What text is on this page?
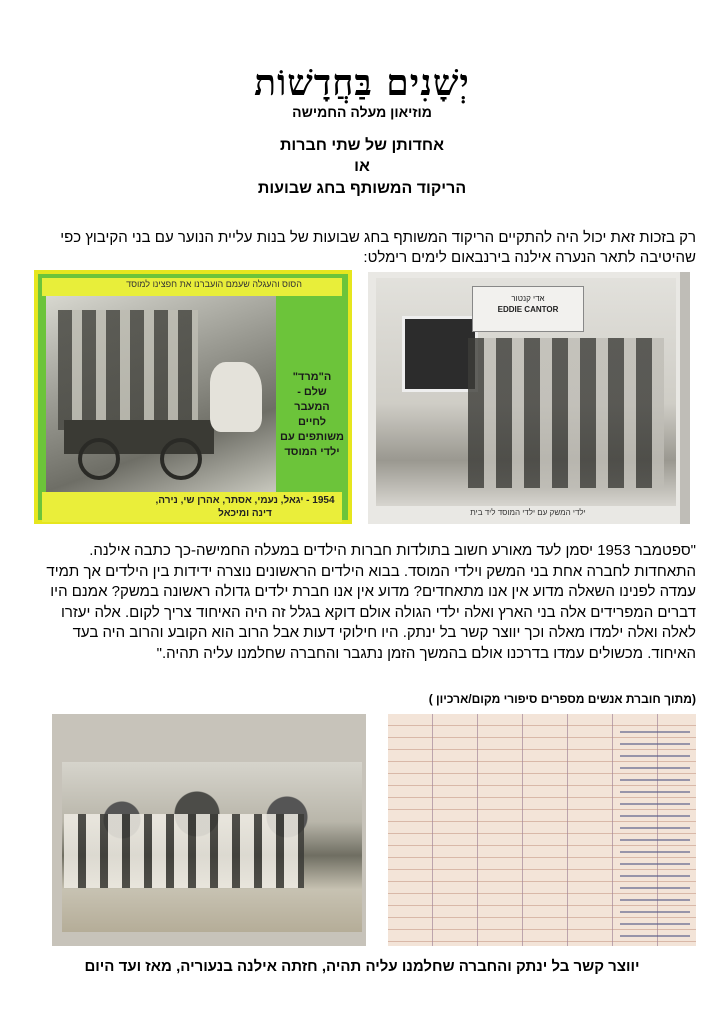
יְשָׁנִים בַּחֲדָשׁוֹת
מוזיאון מעלה החמישה
אחדותן של שתי חברות
או
הריקוד המשותף בחג שבועות
רק בזכות זאת יכול היה להתקיים הריקוד המשותף בחג שבועות של בנות עליית הנוער עם בני הקיבוץ כפי שהיטיבה לתאר הנערה אילנה בירנבאום לימים רימלט:
הסוס והעגלה שעמם הועברנו את חפצינו למוסד
ה"מרד" שלם - המעבר לחיים משותפים עם ילדי המוסד
1954 - יגאל, נעמי, אסתר, אהרן שי, נירה, דינה ומיכאל
אדי קנטור
EDDIE CANTOR
ילדי המשק עם ילדי המוסד ליד בית
"ספטמבר 1953 יסמן לעד מאורע חשוב בתולדות חברות הילדים במעלה החמישה-כך כתבה אילנה. התאחדות לחברה אחת בני המשק וילדי המוסד. בבוא הילדים הראשונים נוצרה ידידות בין הילדים אך תמיד עמדה לפנינו השאלה מדוע אין אנו מתאחדים? מדוע אין אנו חברת ילדים גדולה ראשונה במשק? אמנם היו דברים המפרידים אלה בני הארץ ואלה ילדי הגולה אולם דוקא בגלל זה היה האיחוד צריך לקום. אלה יעזרו לאלה ואלה ילמדו מאלה וכך יווצר קשר בל ינתק. היו חילוקי דעות אבל הרוב הוא הקובע והרוב היה בעד האיחוד. מכשולים עמדו בדרכנו אולם בהמשך הזמן נתגבר והחברה שחלמנו עליה תהיה."
(מתוך חוברת אנשים מספרים סיפורי מקום/ארכיון )
יווצר קשר בל ינתק והחברה שחלמנו עליה תהיה, חזתה אילנה בנעוריה, מאז ועד היום
